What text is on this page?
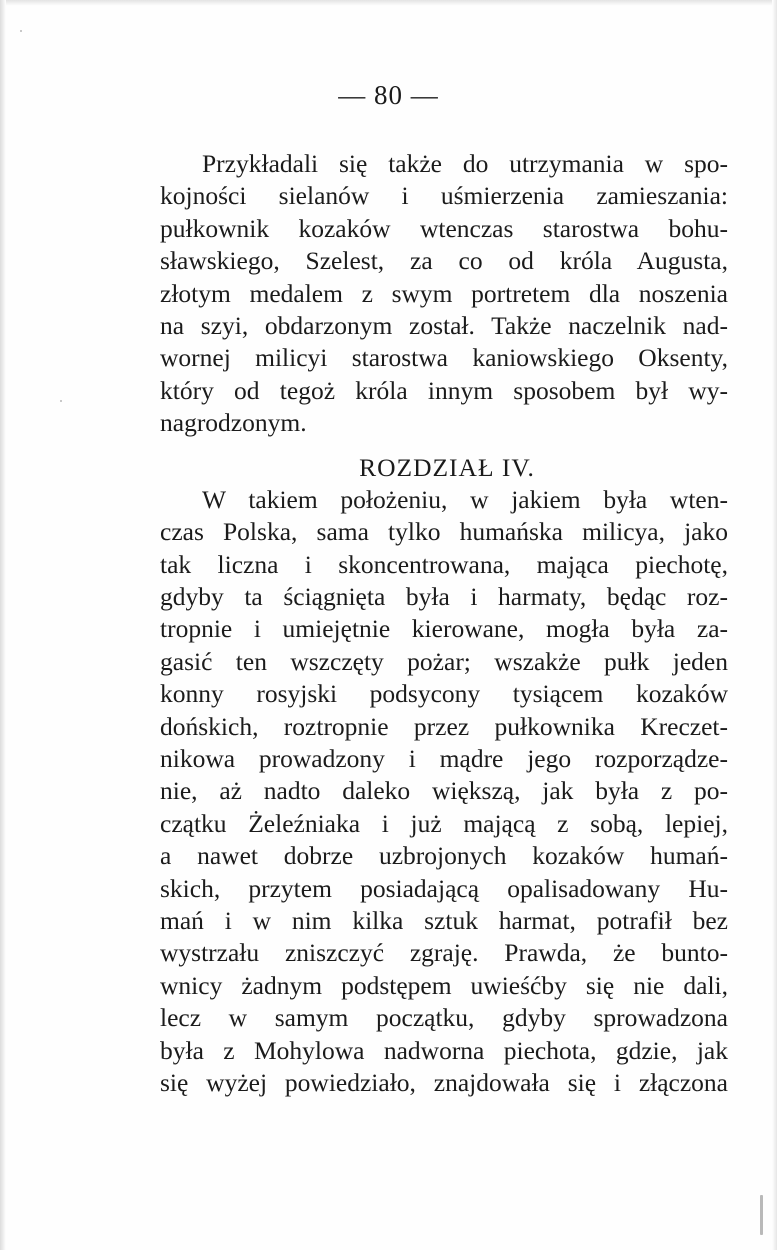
— 80 —
Przykładali się także do utrzymania w spo-
kojności sielanów i uśmierzenia zamieszania:
pułkownik kozaków wtenczas starostwa bohu-
sławskiego, Szelest, za co od króla Augusta,
złotym medalem z swym portretem dla noszenia
na szyi, obdarzonym został. Także naczelnik nad-
wornej milicyi starostwa kaniowskiego Oksenty,
który od tegoż króla innym sposobem był wy-
nagrodzonym.
ROZDZIAŁ IV.
W takiem położeniu, w jakiem była wten-
czas Polska, sama tylko humańska milicya, jako
tak liczna i skoncentrowana, mająca piechotę,
gdyby ta ściągnięta była i harmaty, będąc roz-
tropnie i umiejętnie kierowane, mogła była za-
gasić ten wszczęty pożar; wszakże pułk jeden
konny rosyjski podsycony tysiącem kozaków
dońskich, roztropnie przez pułkownika Kreczet-
nikowa prowadzony i mądre jego rozporządze-
nie, aż nadto daleko większą, jak była z po-
czątku Żeleźniaka i już mającą z sobą, lepiej,
a nawet dobrze uzbrojonych kozaków humań-
skich, przytem posiadającą opalisadowany Hu-
mań i w nim kilka sztuk harmat, potrafił bez
wystrzału zniszczyć zgraję. Prawda, że bunto-
wnicy żadnym podstępem uwieśćby się nie dali,
lecz w samym początku, gdyby sprowadzona
była z Mohylowa nadworna piechota, gdzie, jak
się wyżej powiedziało, znajdowała się i złączona
